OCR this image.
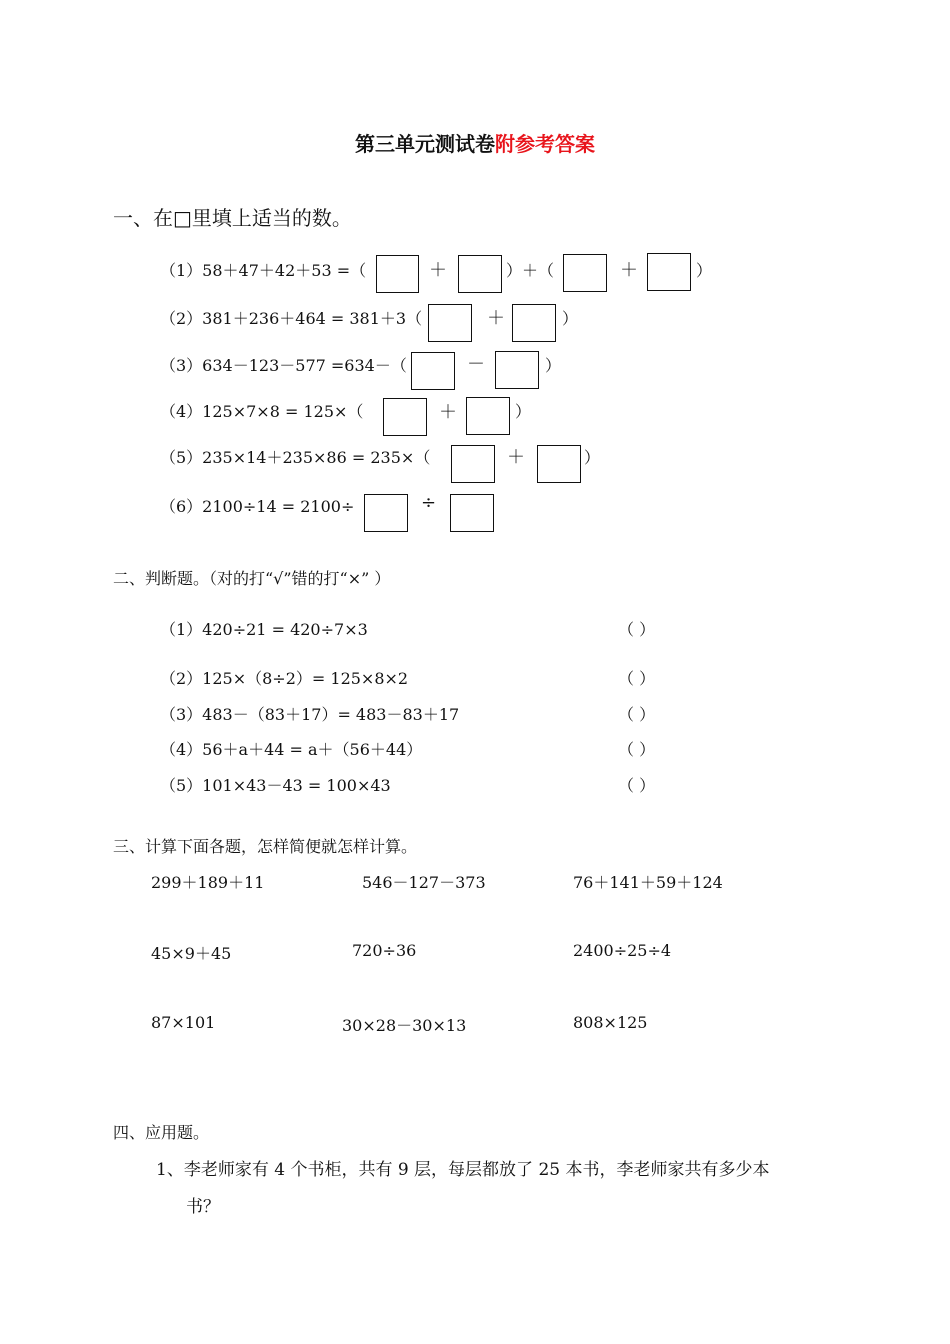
第三单元测试卷附参考答案
一、在□里填上适当的数。
（1）58＋47＋42＋53 =（	＋	）＋（	＋	）
（2）381＋236＋464 = 381＋3（	＋	）
（3）634－123－577 =634－（	－	）
（4）125×7×8 = 125×（	＋	）
（5）235×14＋235×86 = 235×（	＋	）
（6）2100÷14 = 2100÷	÷
二、判断题。（对的打“√”错的打“×” ）
（1）420÷21 = 420÷7×3	（ ）
（2）125×（8÷2）= 125×8×2	（ ）
（3）483－（83＋17）= 483－83＋17	（ ）
（4）56＋a＋44 = a＋（56＋44）	（ ）
（5）101×43－43 = 100×43	（ ）
三、计算下面各题，怎样简便就怎样计算。
299＋189＋11	546－127－373	76＋141＋59＋124
45×9＋45	720÷36	2400÷25÷4
87×101	30×28－30×13	808×125
四、应用题。
1、李老师家有 4 个书柜，共有 9 层，每层都放了 25 本书，李老师家共有多少本
书？
